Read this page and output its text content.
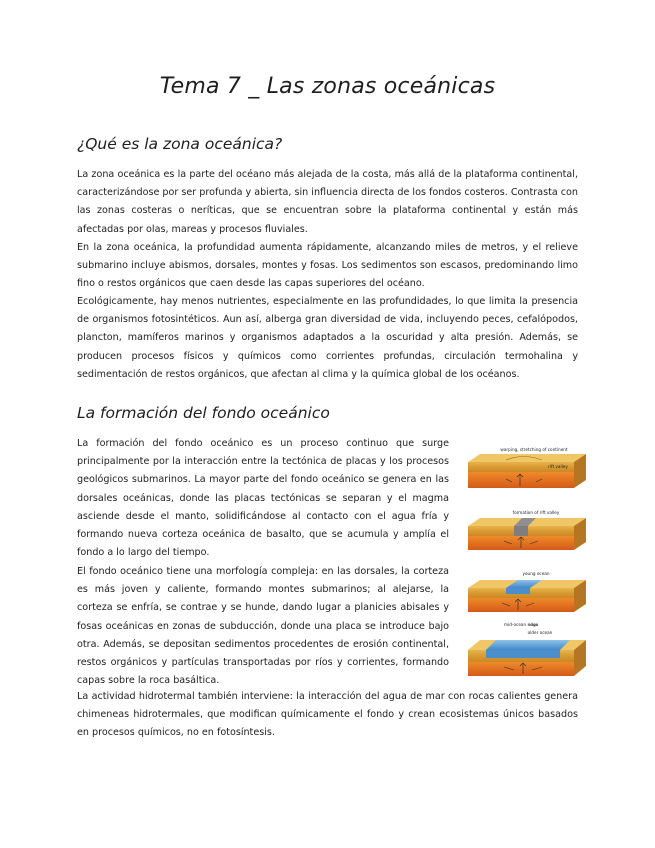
Tema 7 _ Las zonas oceánicas
¿Qué es la zona oceánica?

La zona oceánica es la parte del océano más alejada de la costa, más allá de la plataforma continental, caracterizándose por ser profunda y abierta, sin influencia directa de los fondos costeros. Contrasta con las zonas costeras o neríticas, que se encuentran sobre la plataforma continental y están más afectadas por olas, mareas y procesos fluviales.

En la zona oceánica, la profundidad aumenta rápidamente, alcanzando miles de metros, y el relieve submarino incluye abismos, dorsales, montes y fosas. Los sedimentos son escasos, predominando limo fino o restos orgánicos que caen desde las capas superiores del océano.

Ecológicamente, hay menos nutrientes, especialmente en las profundidades, lo que limita la presencia de organismos fotosintéticos. Aun así, alberga gran diversidad de vida, incluyendo peces, cefalópodos, plancton, mamíferos marinos y organismos adaptados a la oscuridad y alta presión. Además, se producen procesos físicos y químicos como corrientes profundas, circulación termohalina y sedimentación de restos orgánicos, que afectan al clima y la química global de los océanos.

La formación del fondo oceánico

La formación del fondo oceánico es un proceso continuo que surge principalmente por la interacción entre la tectónica de placas y los procesos geológicos submarinos. La mayor parte del fondo oceánico se genera en las dorsales oceánicas, donde las placas tectónicas se separan y el magma asciende desde el manto, solidificándose al contacto con el agua fría y formando nueva corteza oceánica de basalto, que se acumula y amplía el fondo a lo largo del tiempo.

El fondo oceánico tiene una morfología compleja: en las dorsales, la corteza es más joven y caliente, formando montes submarinos; al alejarse, la corteza se enfría, se contrae y se hunde, dando lugar a planicies abisales y fosas oceánicas en zonas de subducción, donde una placa se introduce bajo otra. Además, se depositan sedimentos procedentes de erosión continental, restos orgánicos y partículas transportadas por ríos y corrientes, formando capas sobre la roca basáltica.

La actividad hidrotermal también interviene: la interacción del agua de mar con rocas calientes genera chimeneas hidrotermales, que modifican químicamente el fondo y crean ecosistemas únicos basados en procesos químicos, no en fotosíntesis.

warping, stretching of continent
rift valley
formation of rift valley
young ocean
mid-ocean ridge
older ocean
